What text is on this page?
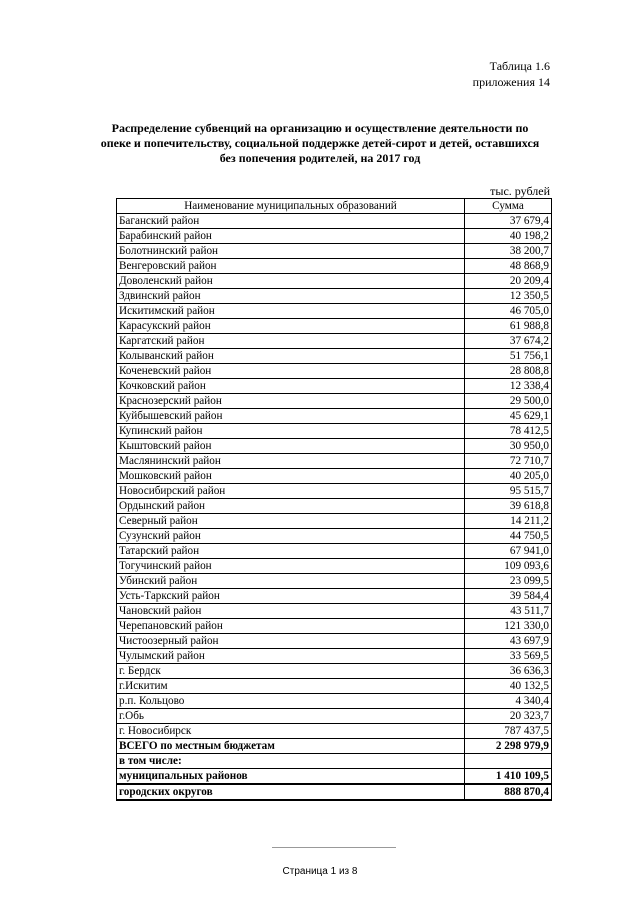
Таблица 1.6
приложения 14
Распределение субвенций на организацию и осуществление деятельности по
опеке и попечительству, социальной поддержке детей-сирот и детей, оставшихся
без попечения родителей, на 2017 год
тыс. рублей
Наименование муниципальных образований	Сумма
Баганский район	37 679,4
Барабинский район	40 198,2
Болотнинский район	38 200,7
Венгеровский район	48 868,9
Доволенский район	20 209,4
Здвинский район	12 350,5
Искитимский район	46 705,0
Карасукский район	61 988,8
Каргатский район	37 674,2
Колыванский район	51 756,1
Коченевский район	28 808,8
Кочковский район	12 338,4
Краснозерский район	29 500,0
Куйбышевский район	45 629,1
Купинский район	78 412,5
Кыштовский район	30 950,0
Маслянинский район	72 710,7
Мошковский район	40 205,0
Новосибирский район	95 515,7
Ордынский район	39 618,8
Северный район	14 211,2
Сузунский район	44 750,5
Татарский район	67 941,0
Тогучинский район	109 093,6
Убинский район	23 099,5
Усть-Таркский район	39 584,4
Чановский район	43 511,7
Черепановский район	121 330,0
Чистоозерный район	43 697,9
Чулымский район	33 569,5
г. Бердск	36 636,3
г.Искитим	40 132,5
р.п. Кольцово	4 340,4
г.Обь	20 323,7
г. Новосибирск	787 437,5
ВСЕГО по местным бюджетам	2 298 979,9
в том числе:	
муниципальных районов	1 410 109,5
городских округов	888 870,4
Страница 1 из 8
